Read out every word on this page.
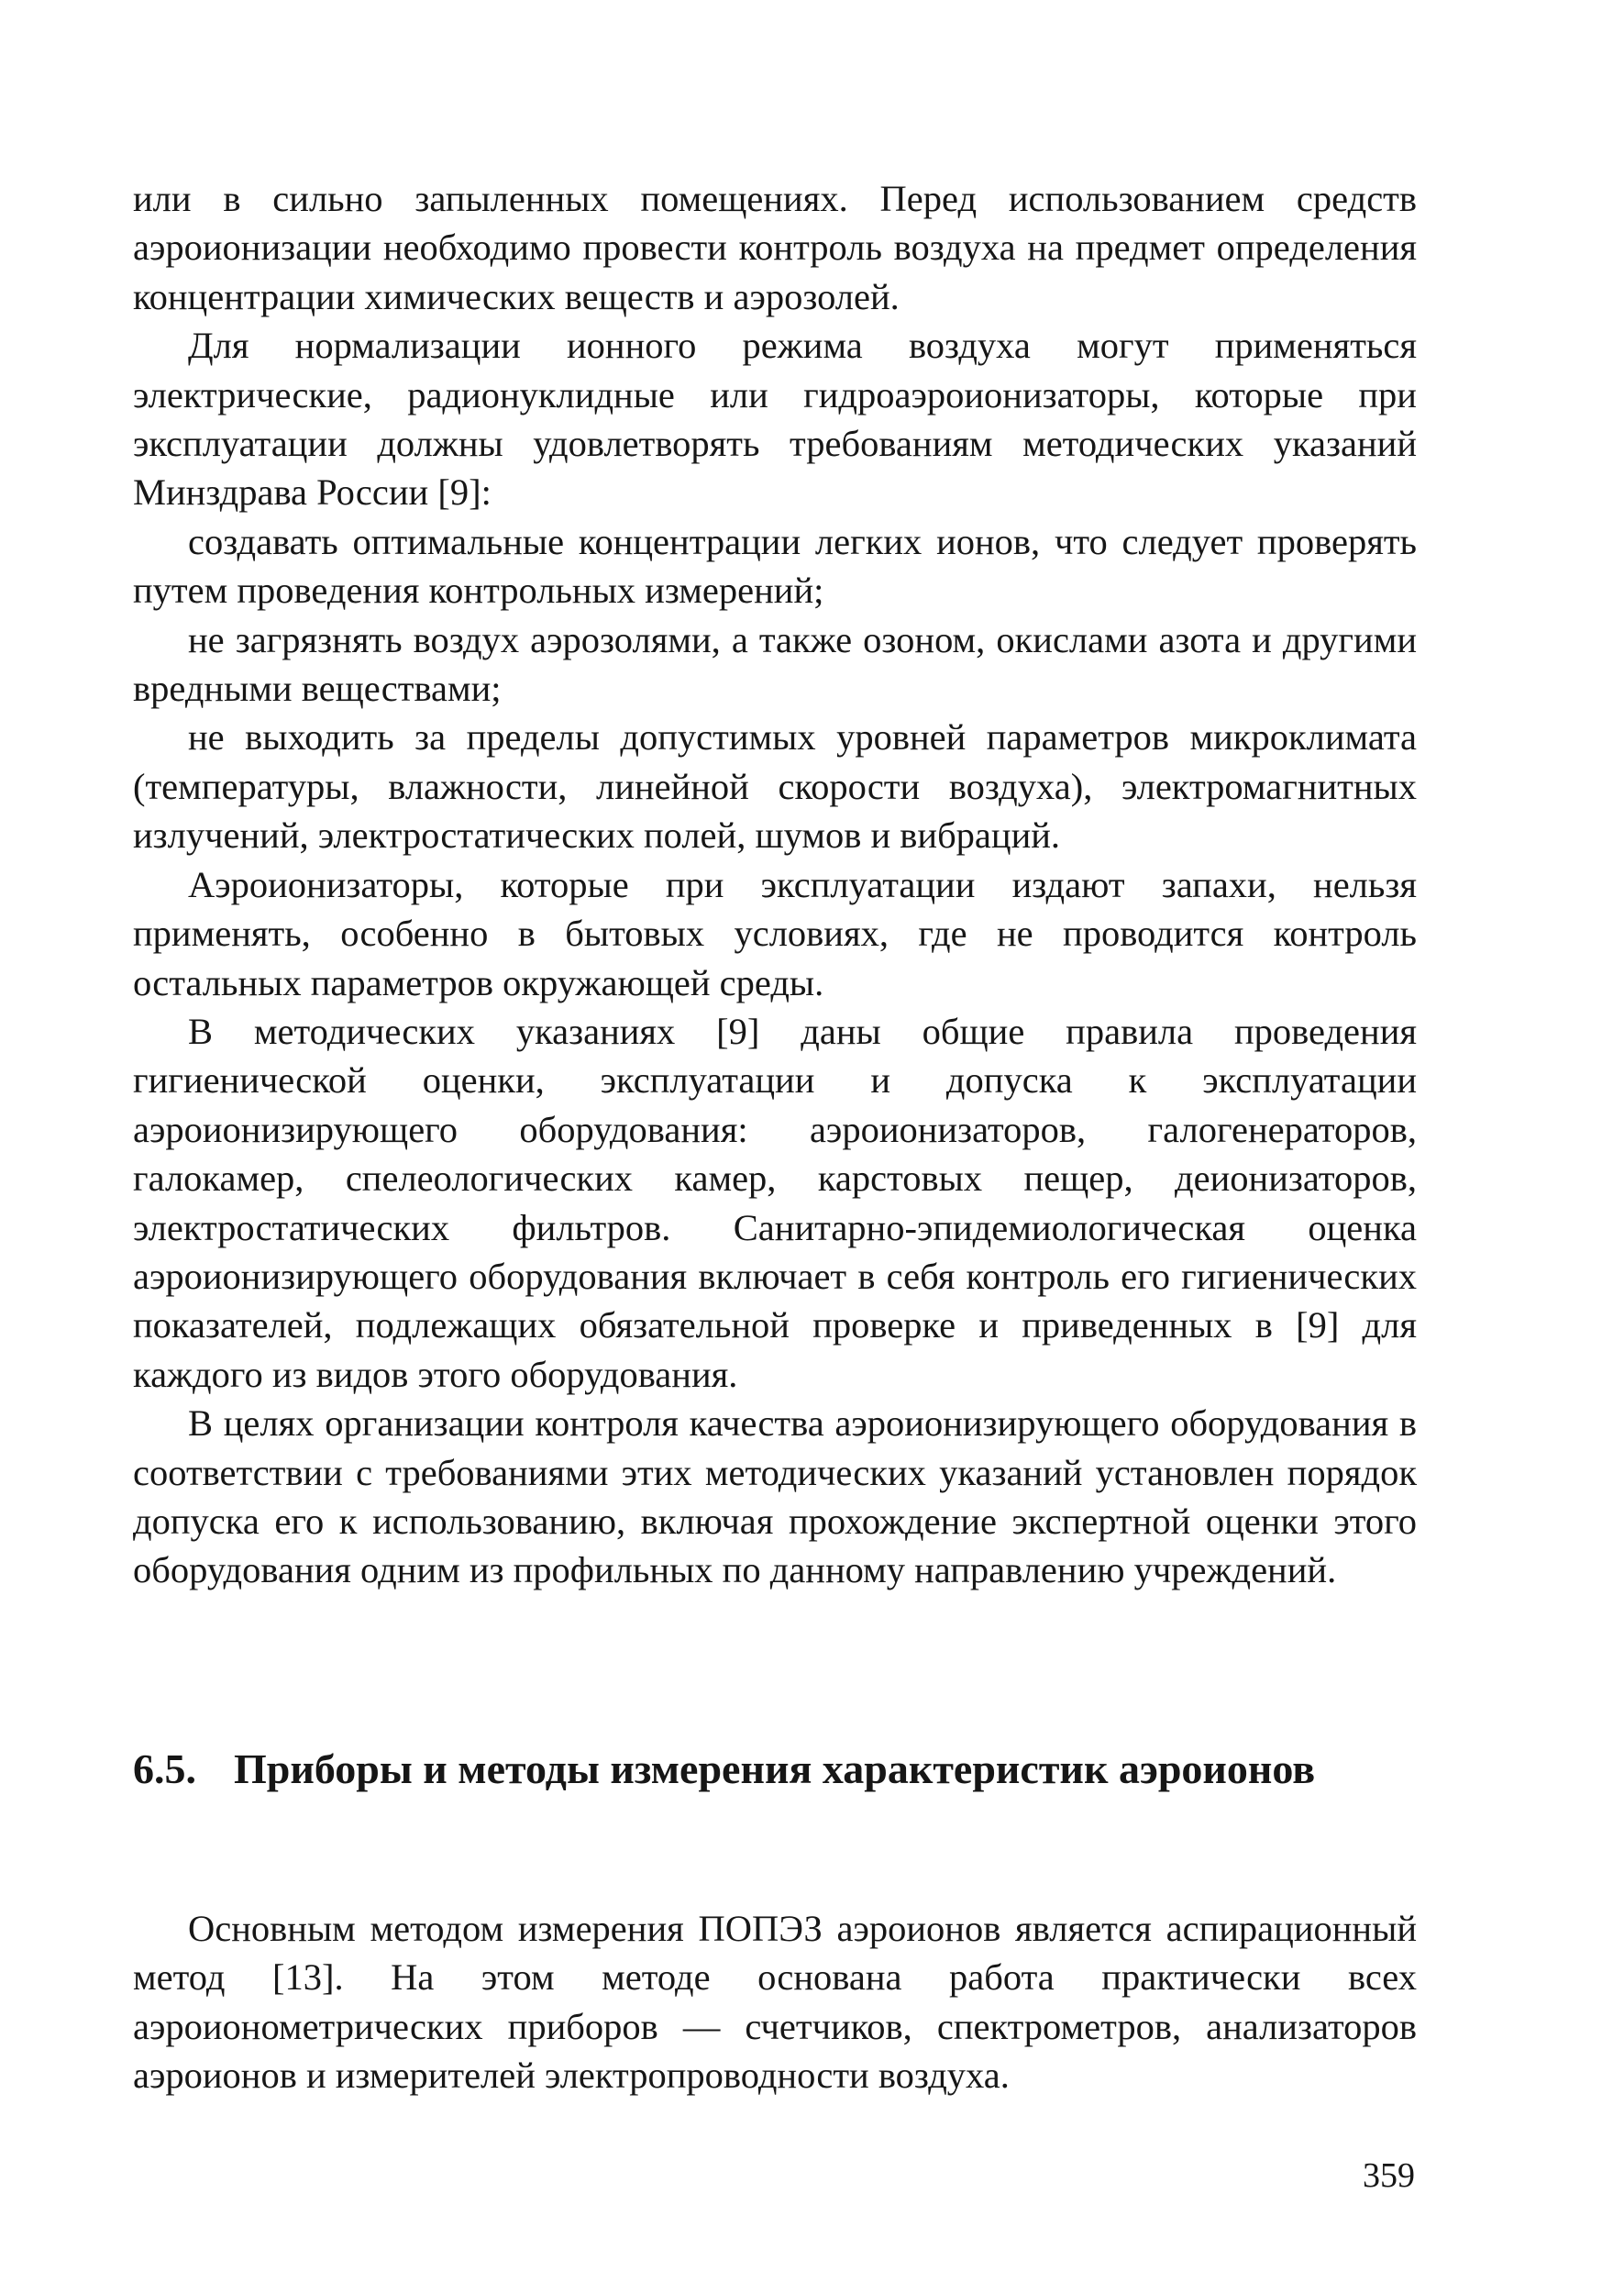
или в сильно запыленных помещениях. Перед использованием средств аэроионизации необходимо провести контроль воздуха на предмет определения концентрации химических веществ и аэрозолей.

Для нормализации ионного режима воздуха могут применяться электрические, радионуклидные или гидроаэроионизаторы, которые при эксплуатации должны удовлетворять требованиям методических указаний Минздрава России [9]:

создавать оптимальные концентрации легких ионов, что следует проверять путем проведения контрольных измерений;

не загрязнять воздух аэрозолями, а также озоном, окислами азота и другими вредными веществами;

не выходить за пределы допустимых уровней параметров микроклимата (температуры, влажности, линейной скорости воздуха), электромагнитных излучений, электростатических полей, шумов и вибраций.

Аэроионизаторы, которые при эксплуатации издают запахи, нельзя применять, особенно в бытовых условиях, где не проводится контроль остальных параметров окружающей среды.

В методических указаниях [9] даны общие правила проведения гигиенической оценки, эксплуатации и допуска к эксплуатации аэроионизирующего оборудования: аэроионизаторов, галогенераторов, галокамер, спелеологических камер, карстовых пещер, деионизаторов, электростатических фильтров. Санитарно-эпидемиологическая оценка аэроионизирующего оборудования включает в себя контроль его гигиенических показателей, подлежащих обязательной проверке и приведенных в [9] для каждого из видов этого оборудования.

В целях организации контроля качества аэроионизирующего оборудования в соответствии с требованиями этих методических указаний установлен порядок допуска его к использованию, включая прохождение экспертной оценки этого оборудования одним из профильных по данному направлению учреждений.

6.5. Приборы и методы измерения характеристик аэроионов

Основным методом измерения ПОПЭЗ аэроионов является аспирационный метод [13]. На этом методе основана работа практически всех аэроионометрических приборов — счетчиков, спектрометров, анализаторов аэроионов и измерителей электропроводности воздуха.

359
